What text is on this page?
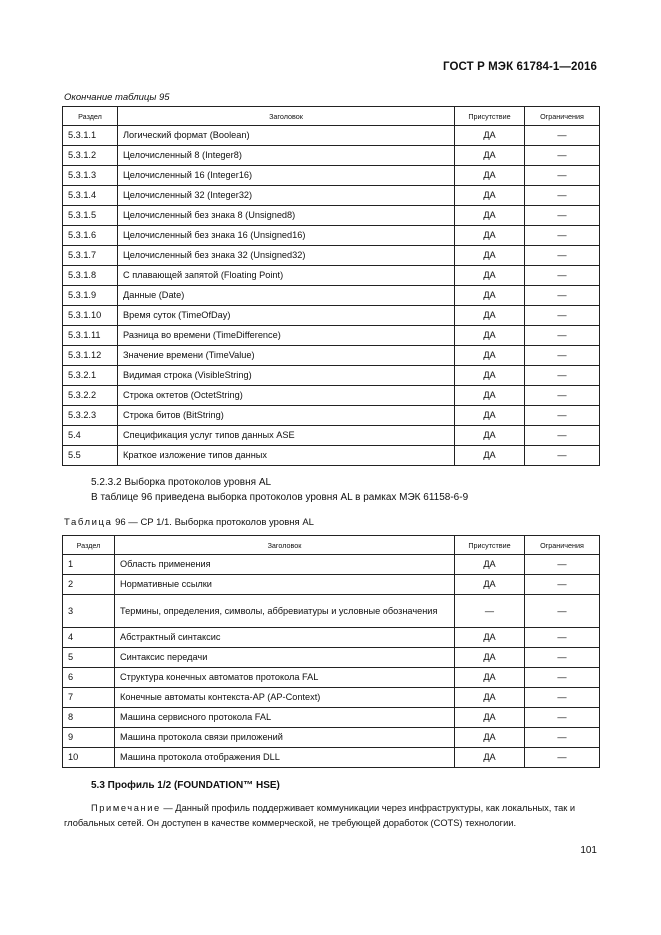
ГОСТ Р МЭК 61784-1—2016
Окончание таблицы 95
Раздел	Заголовок	Присутствие	Ограничения
5.3.1.1	Логический формат (Boolean)	ДА	—
5.3.1.2	Целочисленный 8 (Integer8)	ДА	—
5.3.1.3	Целочисленный 16 (Integer16)	ДА	—
5.3.1.4	Целочисленный 32 (Integer32)	ДА	—
5.3.1.5	Целочисленный без знака 8 (Unsigned8)	ДА	—
5.3.1.6	Целочисленный без знака 16 (Unsigned16)	ДА	—
5.3.1.7	Целочисленный без знака 32 (Unsigned32)	ДА	—
5.3.1.8	С плавающей запятой (Floating Point)	ДА	—
5.3.1.9	Данные (Date)	ДА	—
5.3.1.10	Время суток (TimeOfDay)	ДА	—
5.3.1.11	Разница во времени (TimeDifference)	ДА	—
5.3.1.12	Значение времени (TimeValue)	ДА	—
5.3.2.1	Видимая строка (VisibleString)	ДА	—
5.3.2.2	Строка октетов (OctetString)	ДА	—
5.3.2.3	Строка битов (BitString)	ДА	—
5.4	Спецификация услуг типов данных ASE	ДА	—
5.5	Краткое изложение типов данных	ДА	—
5.2.3.2 Выборка протоколов уровня AL
В таблице 96 приведена выборка протоколов уровня AL в рамках МЭК 61158-6-9
Таблица 96 — CP 1/1. Выборка протоколов уровня AL
Раздел	Заголовок	Присутствие	Ограничения
1	Область применения	ДА	—
2	Нормативные ссылки	ДА	—
3	Термины, определения, символы, аббревиатуры и условные обозначения	—	—
4	Абстрактный синтаксис	ДА	—
5	Синтаксис передачи	ДА	—
6	Структура конечных автоматов протокола FAL	ДА	—
7	Конечные автоматы контекста-AP (AP-Context)	ДА	—
8	Машина сервисного протокола FAL	ДА	—
9	Машина протокола связи приложений	ДА	—
10	Машина протокола отображения DLL	ДА	—
5.3 Профиль 1/2 (FOUNDATION™ HSE)
Примечание — Данный профиль поддерживает коммуникации через инфраструктуры, как локальных, так и глобальных сетей. Он доступен в качестве коммерческой, не требующей доработок (COTS) технологии.
101
